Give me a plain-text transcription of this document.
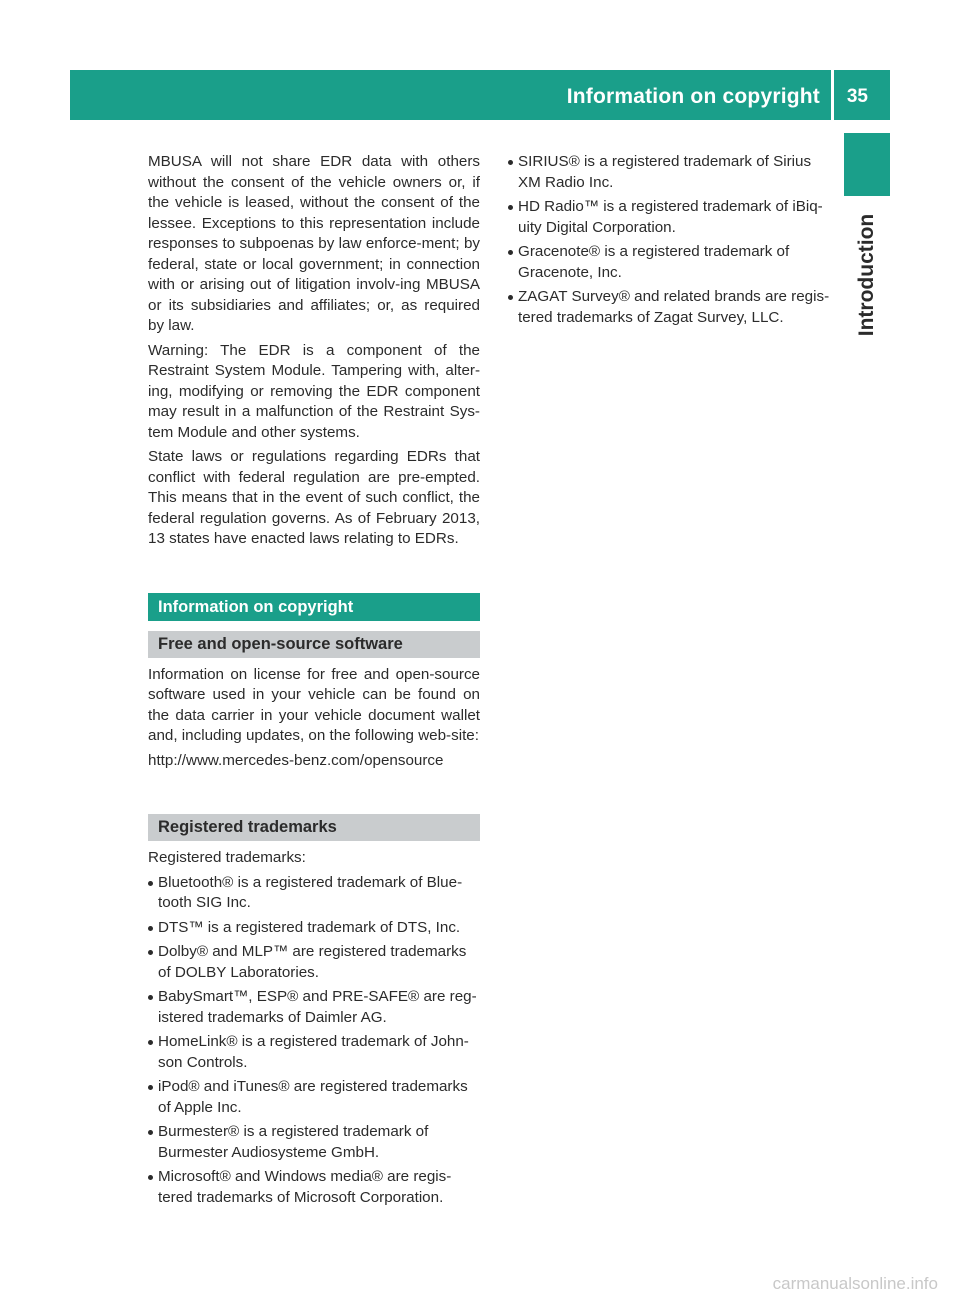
Information on copyright 35
Introduction

MBUSA will not share EDR data with others without the consent of the vehicle owners or, if the vehicle is leased, without the consent of the lessee. Exceptions to this representation include responses to subpoenas by law enforce-ment; by federal, state or local government; in connection with or arising out of litigation involv-ing MBUSA or its subsidiaries and affiliates; or, as required by law.

Warning: The EDR is a component of the Restraint System Module. Tampering with, alter-ing, modifying or removing the EDR component may result in a malfunction of the Restraint Sys-tem Module and other systems.

State laws or regulations regarding EDRs that conflict with federal regulation are pre-empted. This means that in the event of such conflict, the federal regulation governs. As of February 2013, 13 states have enacted laws relating to EDRs.

Information on copyright
Free and open-source software

Information on license for free and open-source software used in your vehicle can be found on the data carrier in your vehicle document wallet and, including updates, on the following web-site:

http://www.mercedes-benz.com/opensource

Registered trademarks

Registered trademarks:

Bluetooth® is a registered trademark of Blue-tooth SIG Inc.
DTS™ is a registered trademark of DTS, Inc.
Dolby® and MLP™ are registered trademarks of DOLBY Laboratories.
BabySmart™, ESP® and PRE-SAFE® are reg-istered trademarks of Daimler AG.
HomeLink® is a registered trademark of John-son Controls.
iPod® and iTunes® are registered trademarks of Apple Inc.
Burmester® is a registered trademark of Burmester Audiosysteme GmbH.
Microsoft® and Windows media® are regis-tered trademarks of Microsoft Corporation.
SIRIUS® is a registered trademark of Sirius XM Radio Inc.
HD Radio™ is a registered trademark of iBiq-uity Digital Corporation.
Gracenote® is a registered trademark of Gracenote, Inc.
ZAGAT Survey® and related brands are regis-tered trademarks of Zagat Survey, LLC.
carmanualsonline.info
